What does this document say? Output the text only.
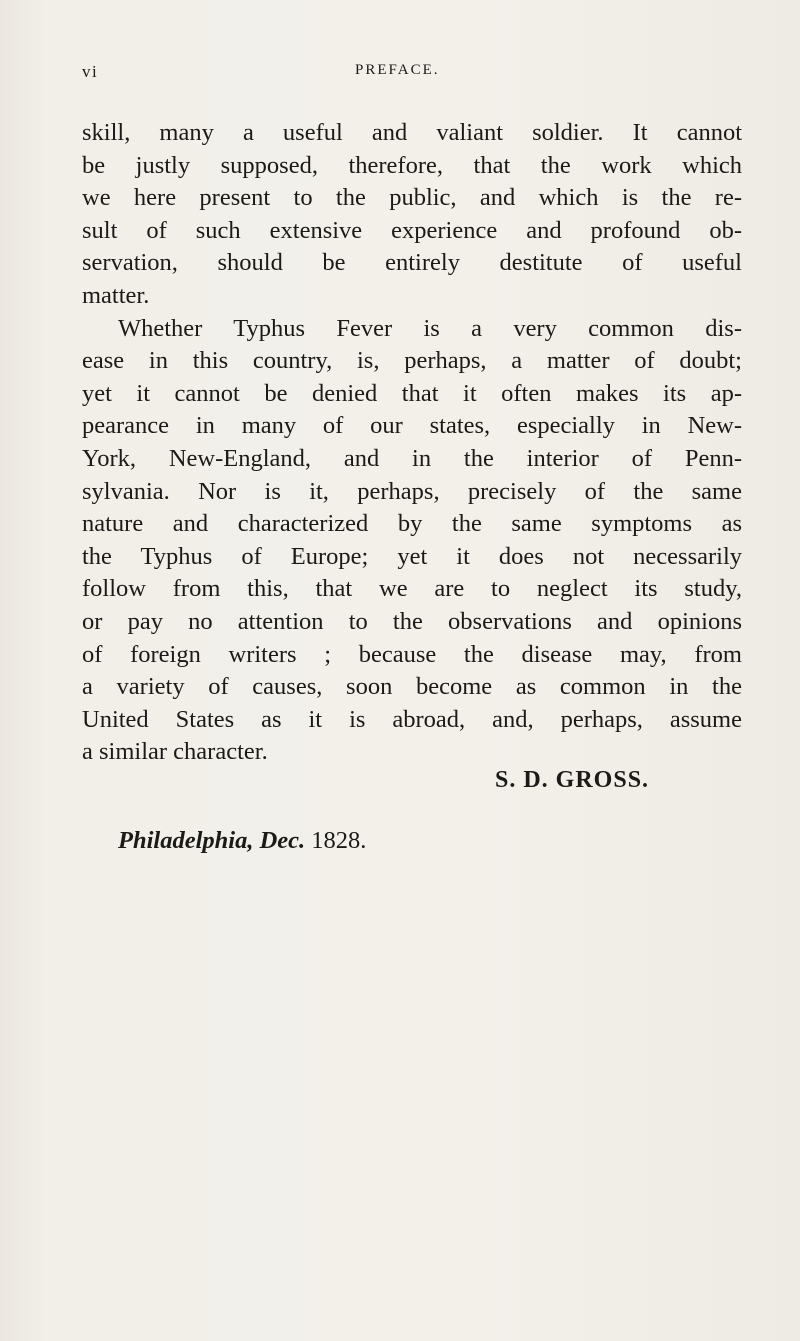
vi	PREFACE.
skill, many a useful and valiant soldier. It cannot
be justly supposed, therefore, that the work which
we here present to the public, and which is the re-
sult of such extensive experience and profound ob-
servation, should be entirely destitute of useful
matter.
Whether Typhus Fever is a very common dis-
ease in this country, is, perhaps, a matter of doubt;
yet it cannot be denied that it often makes its ap-
pearance in many of our states, especially in New-
York, New-England, and in the interior of Penn-
sylvania. Nor is it, perhaps, precisely of the same
nature and characterized by the same symptoms as
the Typhus of Europe; yet it does not necessarily
follow from this, that we are to neglect its study,
or pay no attention to the observations and opinions
of foreign writers ; because the disease may, from
a variety of causes, soon become as common in the
United States as it is abroad, and, perhaps, assume
a similar character.
S. D. GROSS.
Philadelphia, Dec. 1828.
